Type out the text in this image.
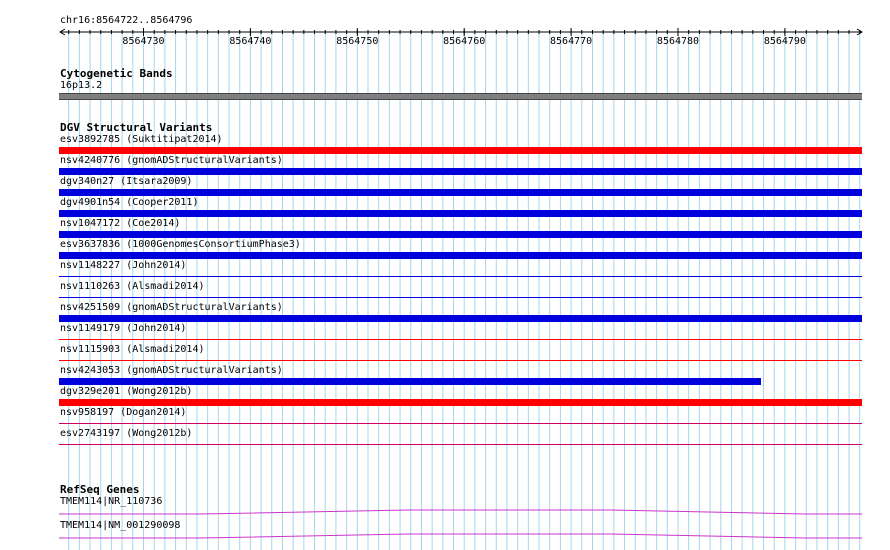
chr16:8564722..8564796
8564730	8564740	8564750	8564760	8564770	8564780	8564790
Cytogenetic Bands
16p13.2
DGV Structural Variants
esv3892785 (Suktitipat2014)
nsv4240776 (gnomADStructuralVariants)
dgv340n27 (Itsara2009)
dgv4901n54 (Cooper2011)
nsv1047172 (Coe2014)
esv3637836 (1000GenomesConsortiumPhase3)
nsv1148227 (John2014)
nsv1110263 (Alsmadi2014)
nsv4251509 (gnomADStructuralVariants)
nsv1149179 (John2014)
nsv1115903 (Alsmadi2014)
nsv4243053 (gnomADStructuralVariants)
dgv329e201 (Wong2012b)
nsv958197 (Dogan2014)
esv2743197 (Wong2012b)
RefSeq Genes
TMEM114|NR_110736
TMEM114|NM_001290098
